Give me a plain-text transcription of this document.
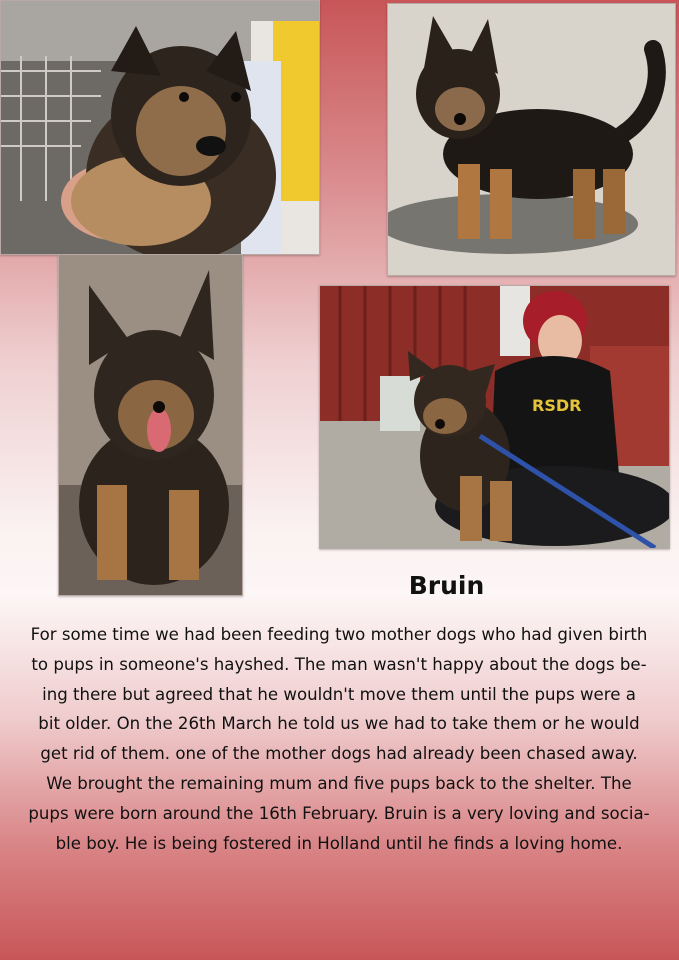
RSDR
Bruin
For some time we had been feeding two mother dogs who had given birth
to pups in someone's hayshed. The man wasn't happy about the dogs be-
ing there but agreed that he wouldn't move them until the pups were a
bit older. On the 26th March he told us we had to take them or he would
get rid of them. one of the mother dogs had already been chased away.
We brought the remaining mum and five pups back to the shelter. The
pups were born around the 16th February. Bruin is a very loving and socia-
ble boy. He is being fostered in Holland until he finds a loving home.
